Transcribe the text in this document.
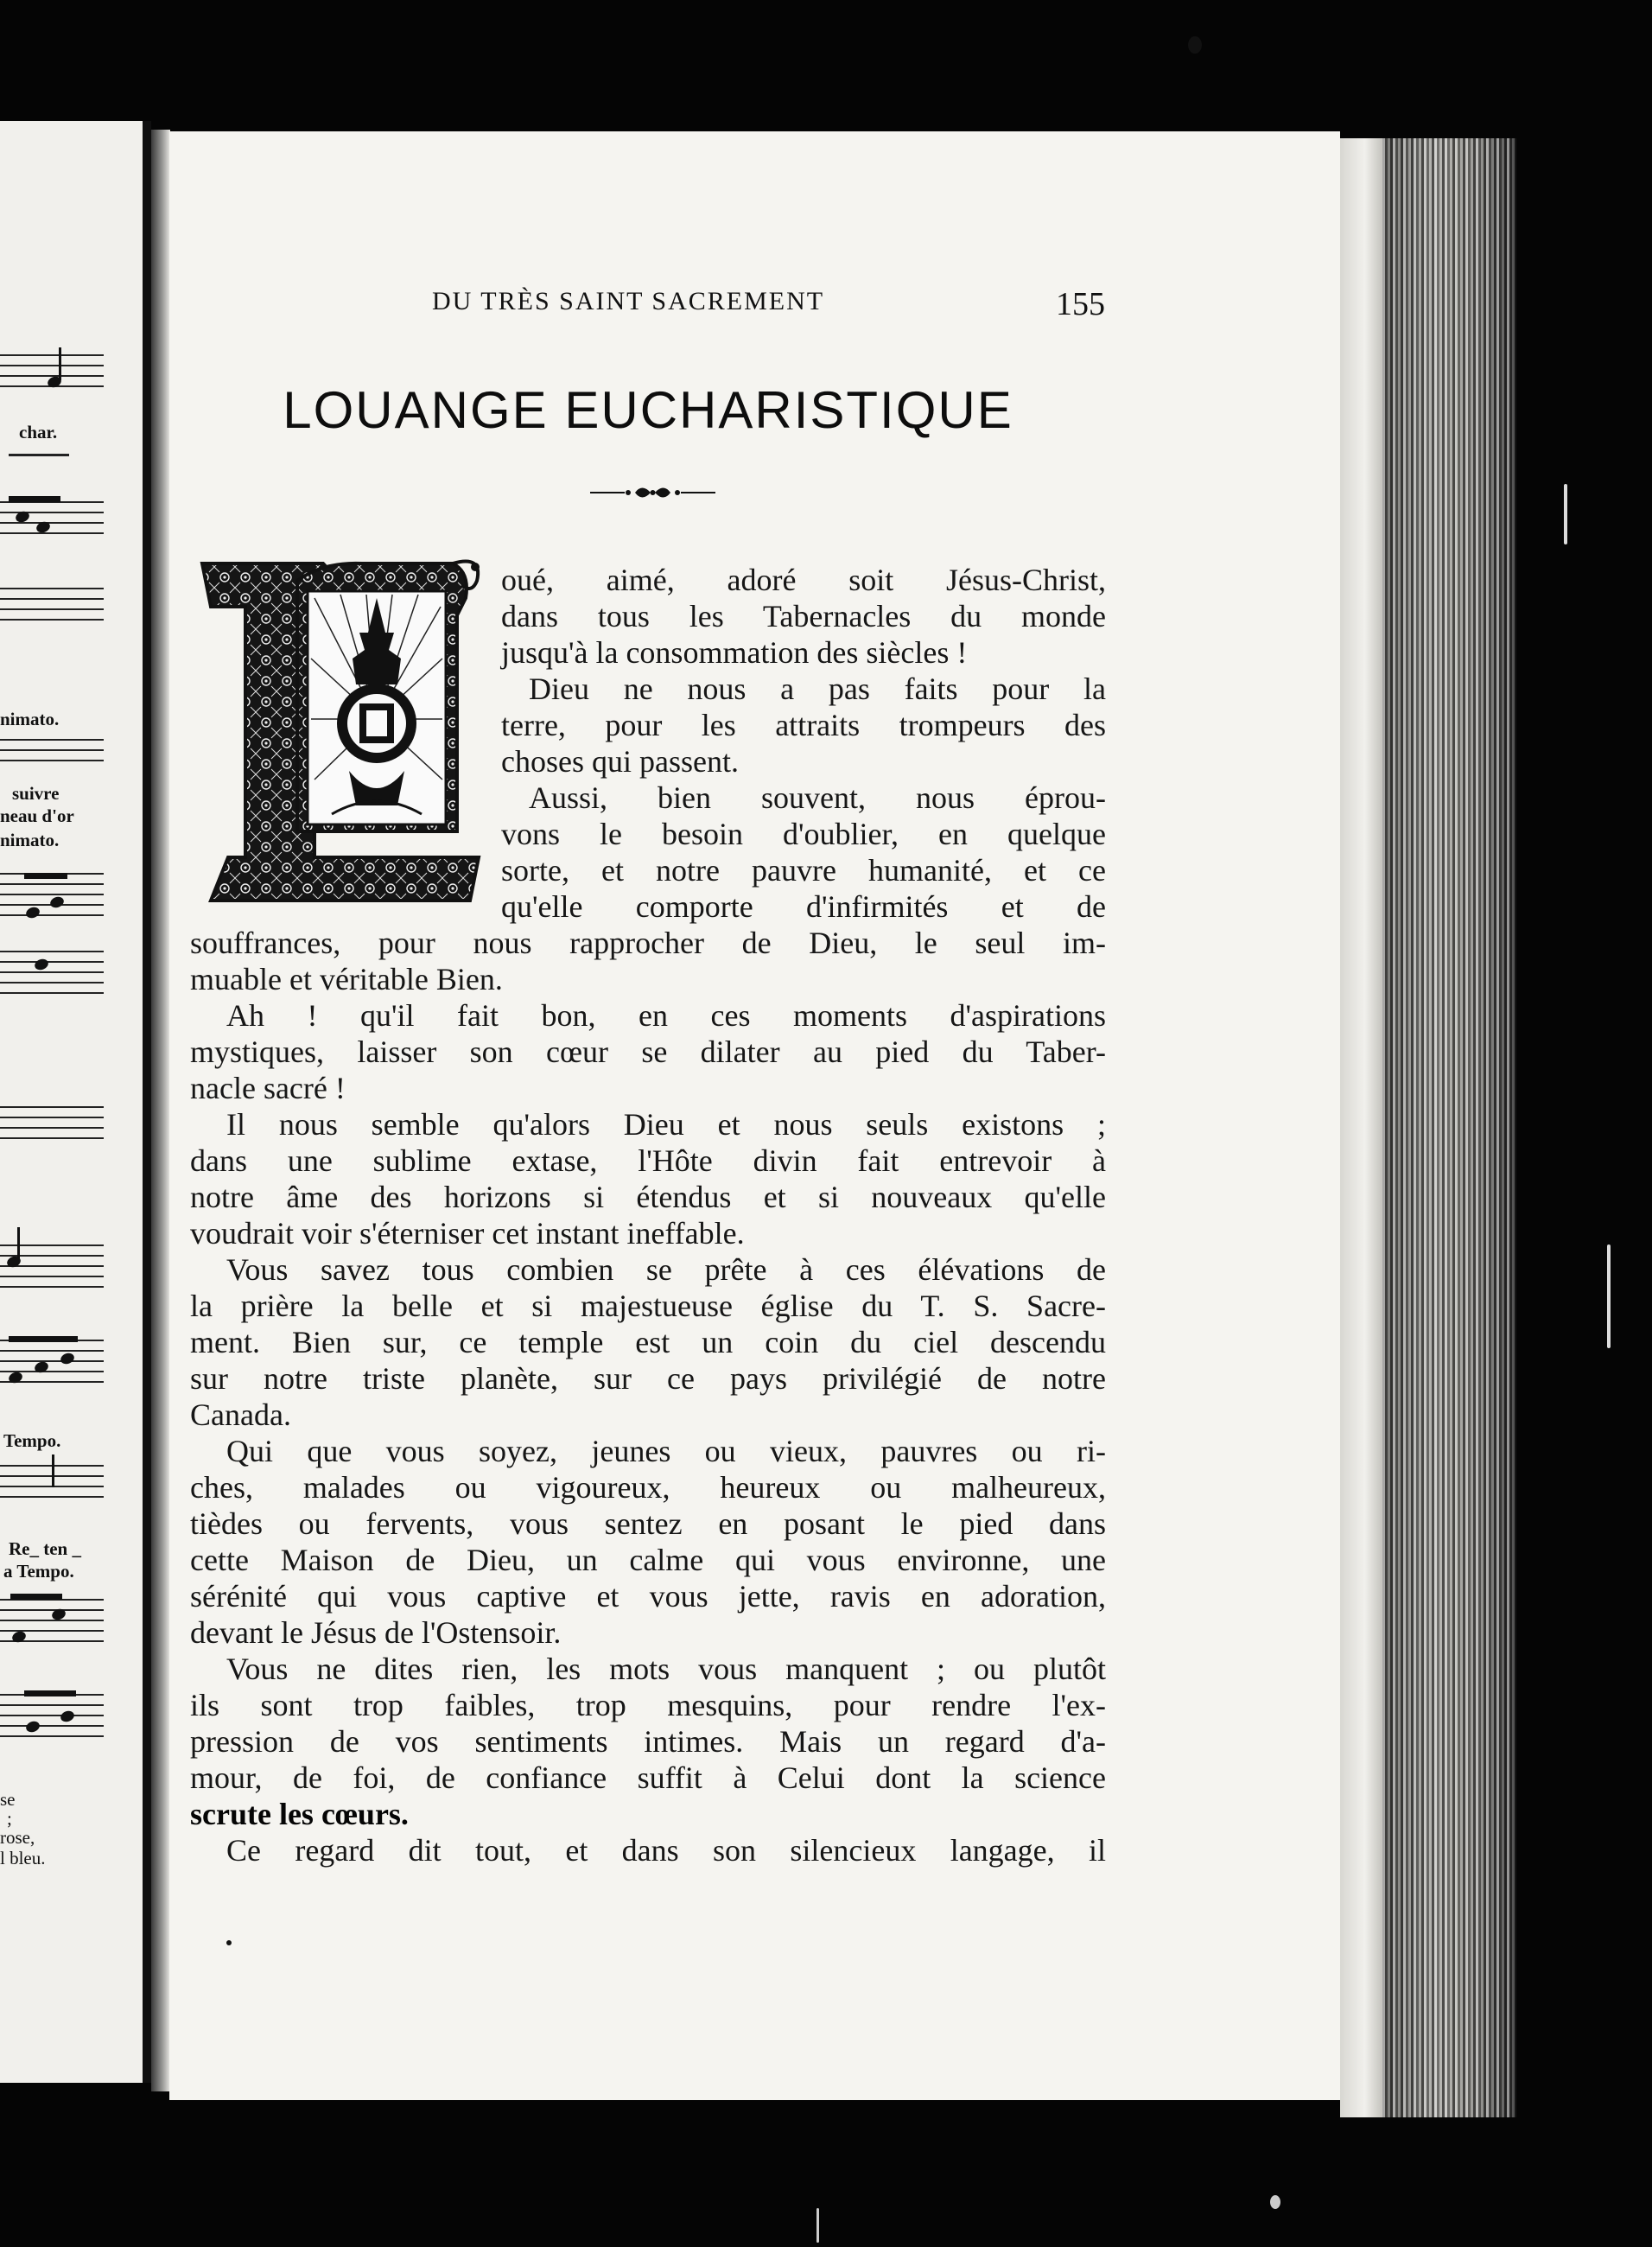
char.
nimato.
suivre
neau d'or
nimato.
Tempo.
Re_ ten _
a Tempo.
se
;
rose,
l bleu.
DU TRÈS SAINT SACREMENT	155
LOUANGE EUCHARISTIQUE
oué, aimé, adoré soit Jésus-Christ,
dans tous les Tabernacles du monde
jusqu'à la consommation des siècles !
Dieu ne nous a pas faits pour la
terre, pour les attraits trompeurs des
choses qui passent.
Aussi, bien souvent, nous éprou-
vons le besoin d'oublier, en quelque
sorte, et notre pauvre humanité, et ce
qu'elle comporte d'infirmités et de
souffrances, pour nous rapprocher de Dieu, le seul im-
muable et véritable Bien.
Ah ! qu'il fait bon, en ces moments d'aspirations
mystiques, laisser son cœur se dilater au pied du Taber-
nacle sacré !
Il nous semble qu'alors Dieu et nous seuls existons ;
dans une sublime extase, l'Hôte divin fait entrevoir à
notre âme des horizons si étendus et si nouveaux qu'elle
voudrait voir s'éterniser cet instant ineffable.
Vous savez tous combien se prête à ces élévations de
la prière la belle et si majestueuse église du T. S. Sacre-
ment. Bien sur, ce temple est un coin du ciel descendu
sur notre triste planète, sur ce pays privilégié de notre
Canada.
Qui que vous soyez, jeunes ou vieux, pauvres ou ri-
ches, malades ou vigoureux, heureux ou malheureux,
tièdes ou fervents, vous sentez en posant le pied dans
cette Maison de Dieu, un calme qui vous environne, une
sérénité qui vous captive et vous jette, ravis en adoration,
devant le Jésus de l'Ostensoir.
Vous ne dites rien, les mots vous manquent ; ou plutôt
ils sont trop faibles, trop mesquins, pour rendre l'ex-
pression de vos sentiments intimes. Mais un regard d'a-
mour, de foi, de confiance suffit à Celui dont la science
scrute les cœurs.
Ce regard dit tout, et dans son silencieux langage, il
